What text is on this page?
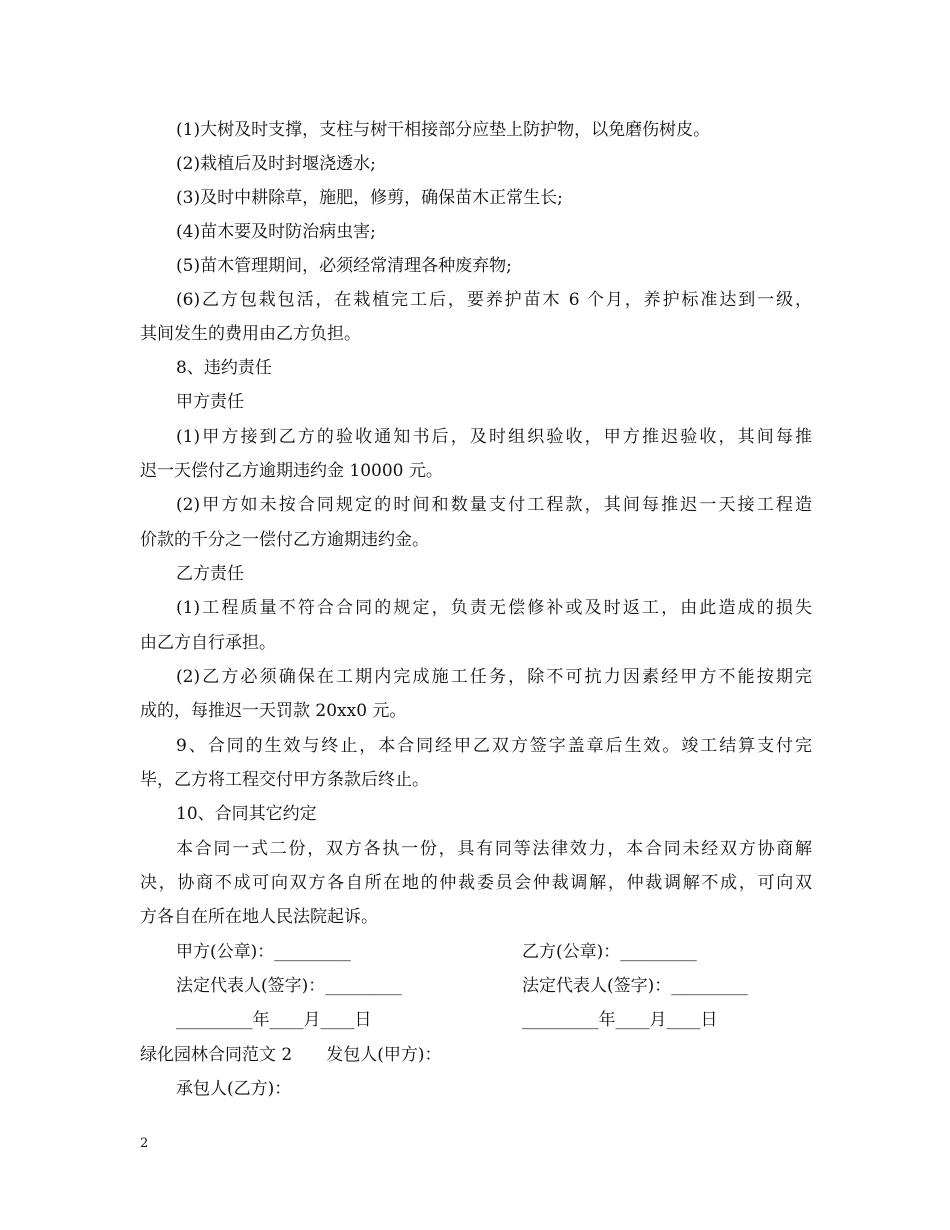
(1)大树及时支撑，支柱与树干相接部分应垫上防护物，以免磨伤树皮。
(2)栽植后及时封堰浇透水;
(3)及时中耕除草，施肥，修剪，确保苗木正常生长;
(4)苗木要及时防治病虫害;
(5)苗木管理期间，必须经常清理各种废弃物;
(6)乙方包栽包活，在栽植完工后，要养护苗木 6 个月，养护标准达到一级，
其间发生的费用由乙方负担。
8、违约责任
甲方责任
(1)甲方接到乙方的验收通知书后，及时组织验收，甲方推迟验收，其间每推
迟一天偿付乙方逾期违约金 10000 元。
(2)甲方如未按合同规定的时间和数量支付工程款，其间每推迟一天接工程造
价款的千分之一偿付乙方逾期违约金。
乙方责任
(1)工程质量不符合合同的规定，负责无偿修补或及时返工，由此造成的损失
由乙方自行承担。
(2)乙方必须确保在工期内完成施工任务，除不可抗力因素经甲方不能按期完
成的，每推迟一天罚款 20xx0 元。
9、合同的生效与终止，本合同经甲乙双方签字盖章后生效。竣工结算支付完
毕，乙方将工程交付甲方条款后终止。
10、合同其它约定
本合同一式二份，双方各执一份，具有同等法律效力，本合同未经双方协商解
决，协商不成可向双方各自所在地的仲裁委员会仲裁调解，仲裁调解不成，可向双
方各自在所在地人民法院起诉。
甲方(公章)：_________	乙方(公章)：_________
法定代表人(签字)：_________	法定代表人(签字)：_________
_________年____月____日	_________年____月____日
绿化园林合同范文 2　　发包人(甲方)：
承包人(乙方)：
2
